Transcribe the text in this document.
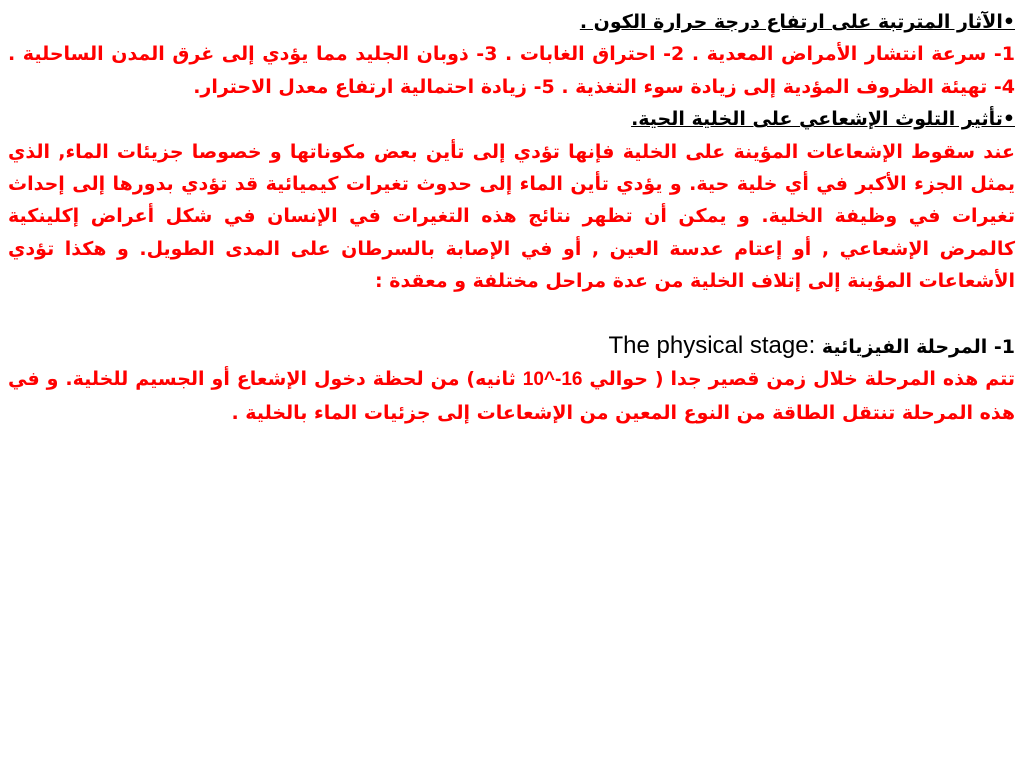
•الآثار المترتبة على ارتفاع درجة حرارة الكون .

1- سرعة انتشار الأمراض المعدية . 2- احتراق الغابات . 3- ذوبان الجليد مما يؤدي إلى غرق المدن الساحلية . 4- تهيئة الظروف المؤدية إلى زيادة سوء التغذية . 5- زيادة احتمالية ارتفاع معدل الاحترار.

•تأثير التلوث الإشعاعي على الخلية الحية.

عند سقوط الإشعاعات المؤينة على الخلية فإنها تؤدي إلى تأين بعض مكوناتها و خصوصا جزيئات الماء, الذي يمثل الجزء الأكبر في أي خلية حية. و يؤدي تأين الماء إلى حدوث تغيرات كيميائية قد تؤدي بدورها إلى إحداث تغيرات في وظيفة الخلية. و يمكن أن تظهر نتائج هذه التغيرات في الإنسان في شكل أعراض إكلينكية كالمرض الإشعاعي , أو إعتام عدسة العين , أو في الإصابة بالسرطان على المدى الطويل. و هكذا تؤدي الأشعاعات المؤينة إلى إتلاف الخلية من عدة مراحل مختلفة و معقدة :

1- المرحلة الفيزيائية The physical stage:

تتم هذه المرحلة خلال زمن قصير جدا ( حوالي 10^-16 ثانيه) من لحظة دخول الإشعاع أو الجسيم للخلية. و في هذه المرحلة تنتقل الطاقة من النوع المعين من الإشعاعات إلى جزئيات الماء بالخلية .
